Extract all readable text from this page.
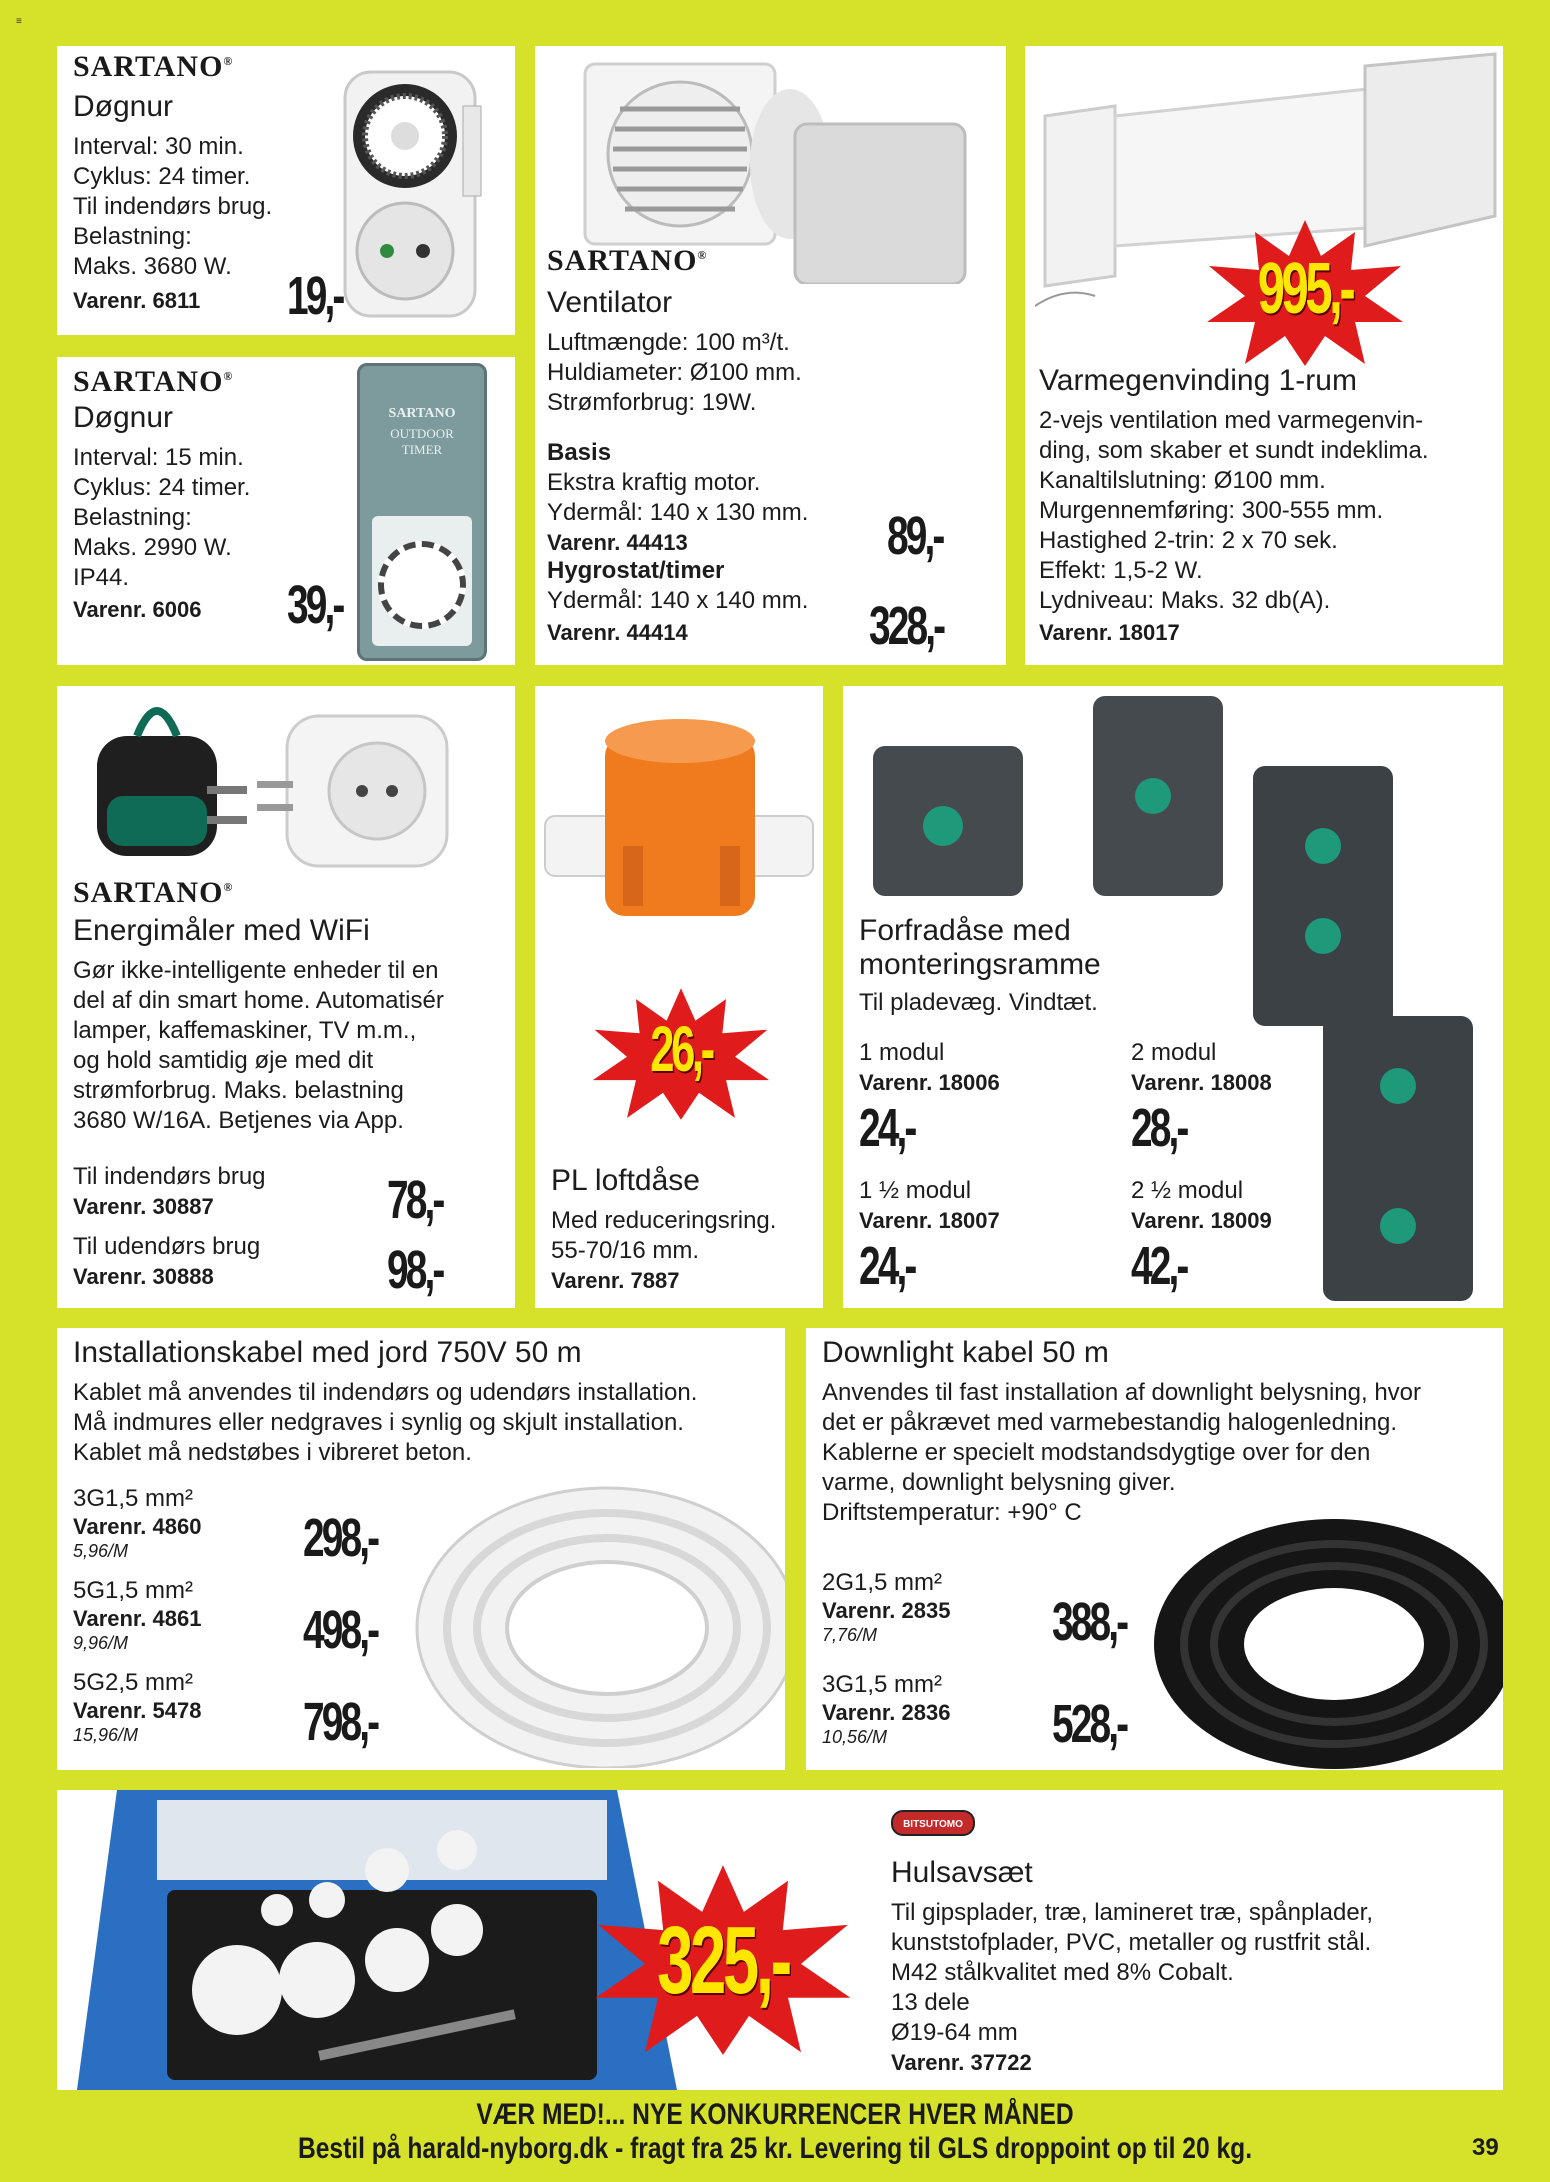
≡
SARTANO®
Døgnur
Interval: 30 min.
Cyklus: 24 timer.
Til indendørs brug.
Belastning:
Maks. 3680 W.
Varenr. 6811 19,-
SARTANO®
Døgnur
Interval: 15 min.
Cyklus: 24 timer.
Belastning:
Maks. 2990 W.
IP44.
Varenr. 6006 39,-
SARTANO
OUTDOOR
TIMER
SARTANO®
Ventilator
Luftmængde: 100 m³/t.
Huldiameter: Ø100 mm.
Strømforbrug: 19W.
Basis
Ekstra kraftig motor.
Ydermål: 140 x 130 mm.
Varenr. 44413	89,-
Hygrostat/timer
Ydermål: 140 x 140 mm.
Varenr. 44414	328,-
995,-
Varmegenvinding 1-rum
2-vejs ventilation med varmegenvin-
ding, som skaber et sundt indeklima.
Kanaltilslutning: Ø100 mm.
Murgennemføring: 300-555 mm.
Hastighed 2-trin: 2 x 70 sek.
Effekt: 1,5-2 W.
Lydniveau: Maks. 32 db(A).
Varenr. 18017
SARTANO®
Energimåler med WiFi
Gør ikke-intelligente enheder til en
del af din smart home. Automatisér
lamper, kaffemaskiner, TV m.m.,
og hold samtidig øje med dit
strømforbrug. Maks. belastning
3680 W/16A. Betjenes via App.
Til indendørs brug
Varenr. 30887	78,-
Til udendørs brug
Varenr. 30888	98,-
26,-
PL loftdåse
Med reduceringsring.
55-70/16 mm.
Varenr. 7887
Forfradåse med
monteringsramme
Til pladevæg. Vindtæt.
1 modul
Varenr. 18006
24,-
2 modul
Varenr. 18008
28,-
1 ½ modul
Varenr. 18007
24,-
2 ½ modul
Varenr. 18009
42,-
Installationskabel med jord 750V 50 m
Kablet må anvendes til indendørs og udendørs installation.
Må indmures eller nedgraves i synlig og skjult installation.
Kablet må nedstøbes i vibreret beton.
3G1,5 mm²
Varenr. 4860
5,96/M	298,-
5G1,5 mm²
Varenr. 4861
9,96/M	498,-
5G2,5 mm²
Varenr. 5478
15,96/M	798,-
Downlight kabel 50 m
Anvendes til fast installation af downlight belysning, hvor
det er påkrævet med varmebestandig halogenledning.
Kablerne er specielt modstandsdygtige over for den
varme, downlight belysning giver.
Driftstemperatur: +90° C
2G1,5 mm²
Varenr. 2835
7,76/M	388,-
3G1,5 mm²
Varenr. 2836
10,56/M	528,-
325,-
BITSUTOMO
Hulsavsæt
Til gipsplader, træ, lamineret træ, spånplader,
kunststofplader, PVC, metaller og rustfrit stål.
M42 stålkvalitet med 8% Cobalt.
13 dele
Ø19-64 mm
Varenr. 37722
VÆR MED!... NYE KONKURRENCER HVER MÅNED
Bestil på harald-nyborg.dk - fragt fra 25 kr. Levering til GLS droppoint op til 20 kg.	39
